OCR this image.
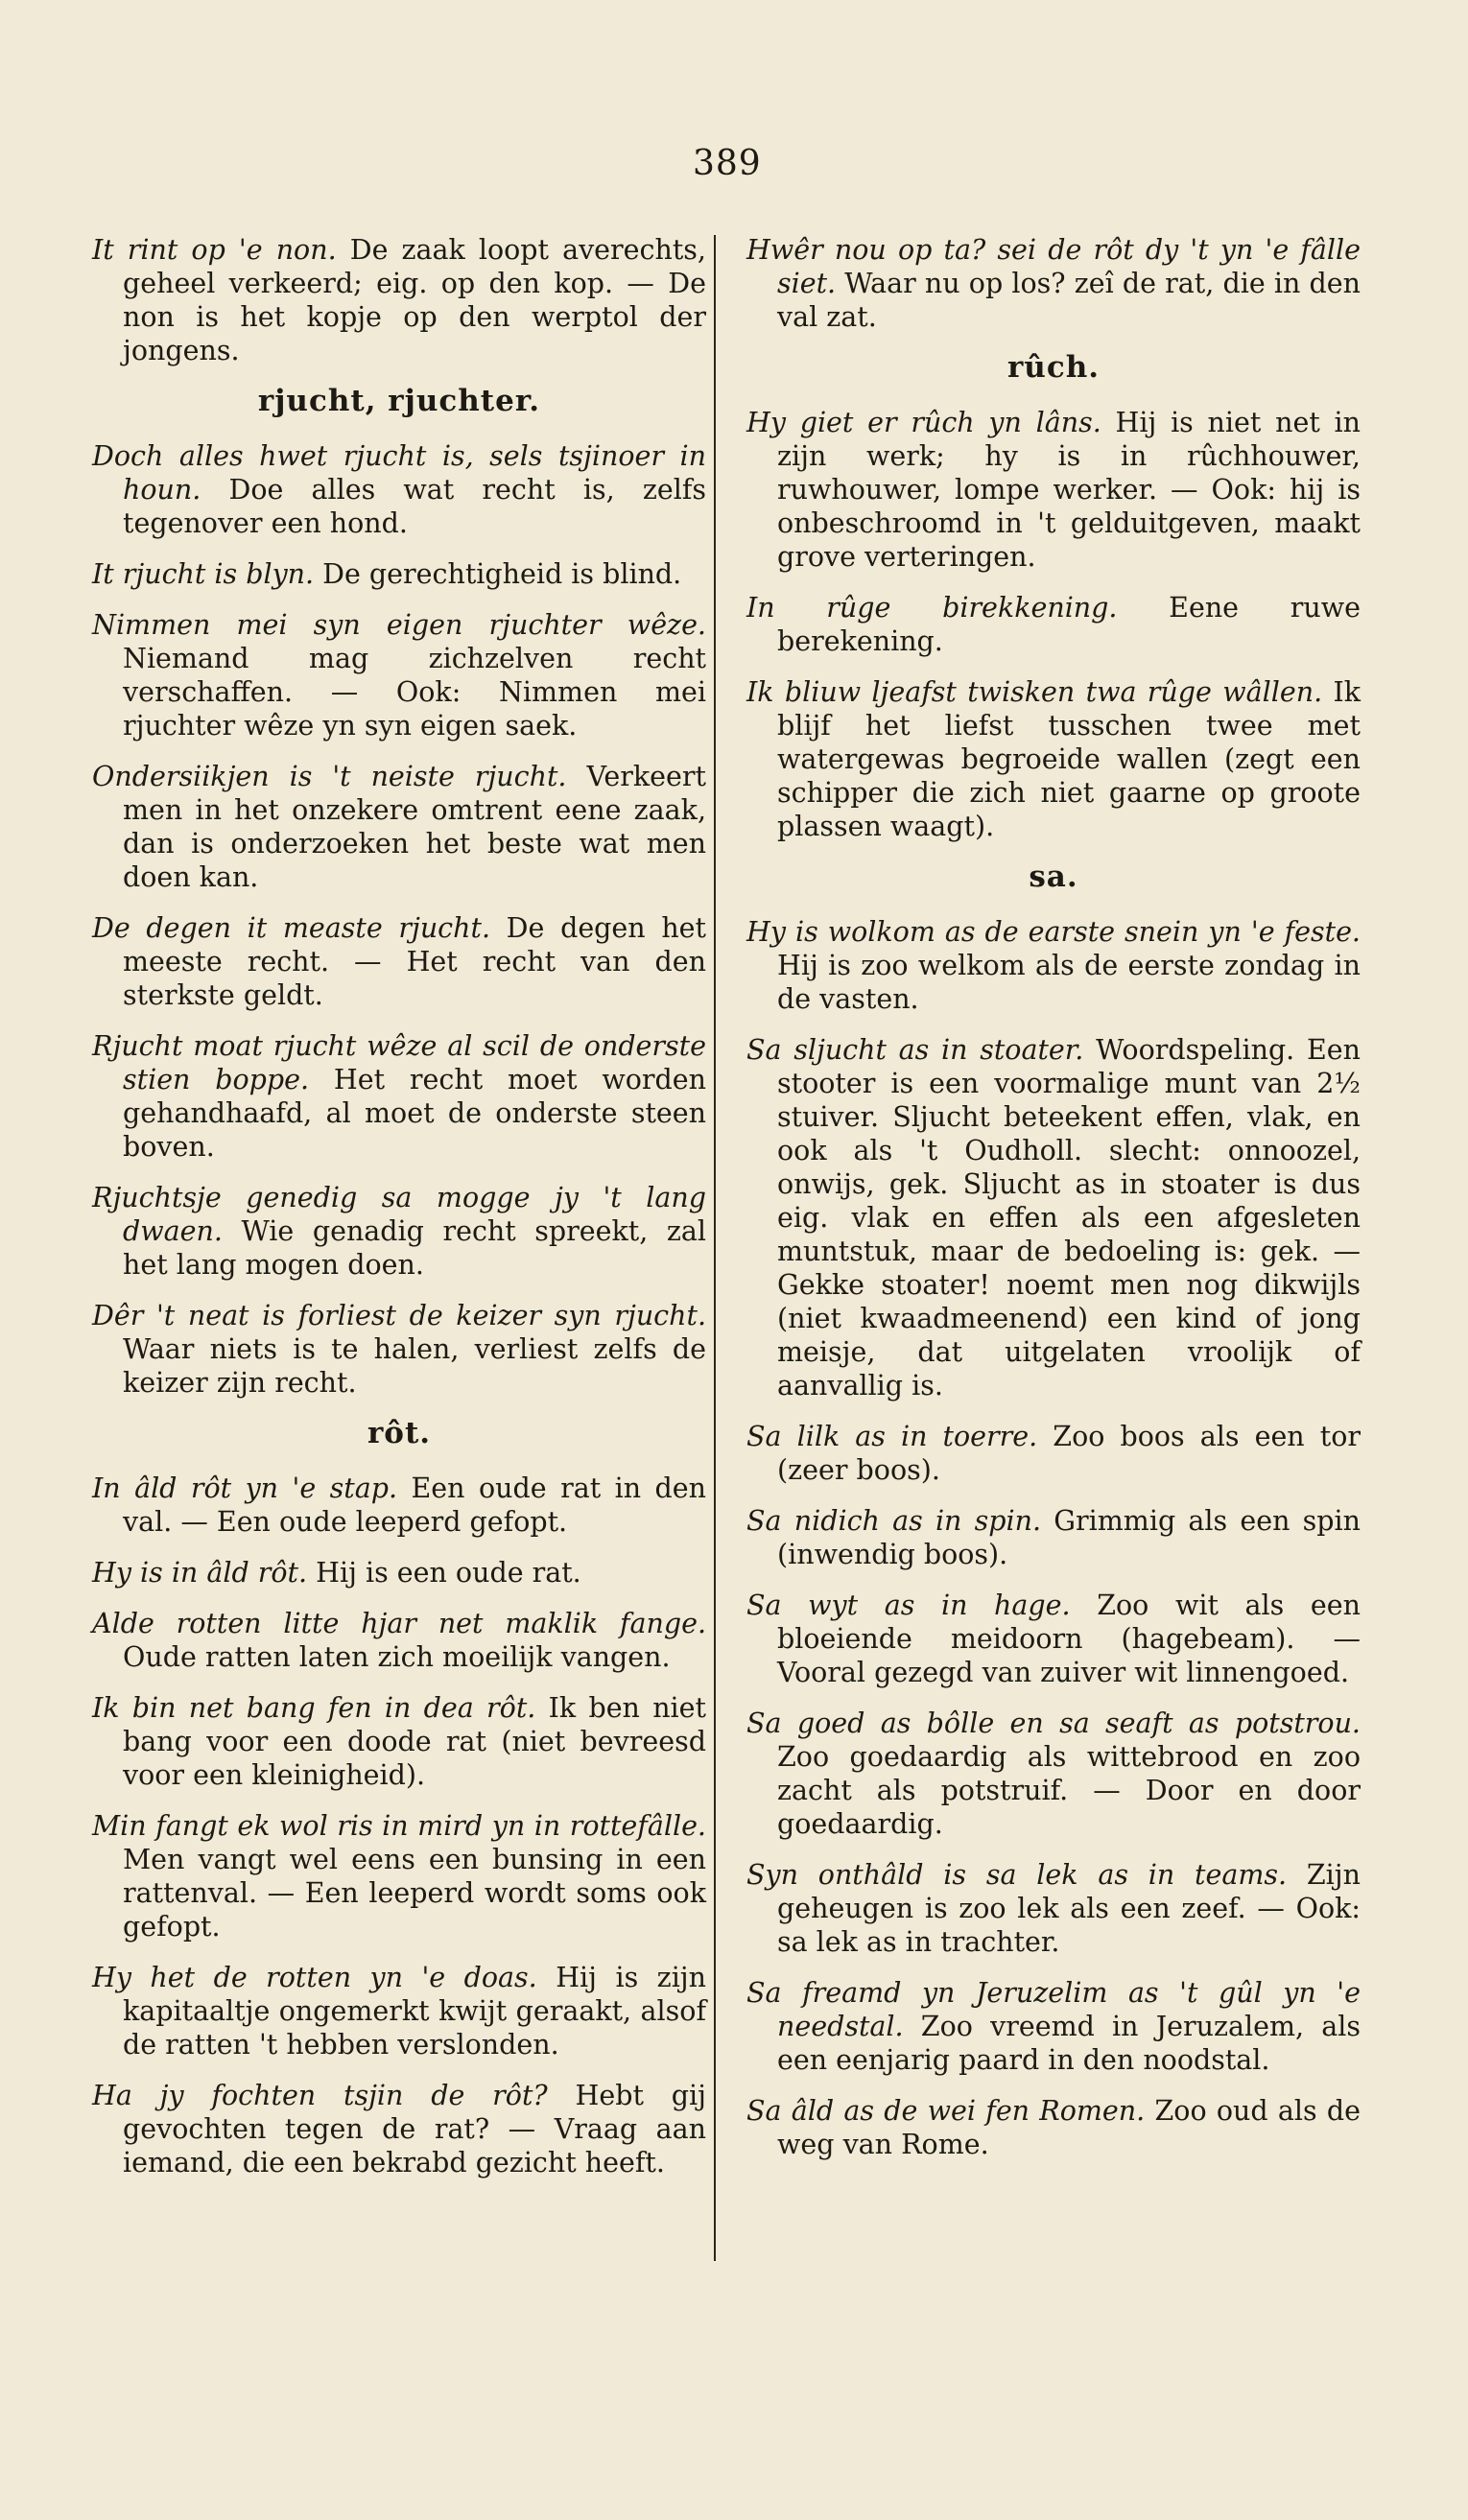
389

It rint op 'e non. De zaak loopt averechts, geheel verkeerd; eig. op den kop. — De non is het kopje op den werptol der jongens.

rjucht, rjuchter.

Doch alles hwet rjucht is, sels tsjinoer in houn. Doe alles wat recht is, zelfs tegenover een hond.

It rjucht is blyn. De gerechtigheid is blind.

Nimmen mei syn eigen rjuchter wêze. Niemand mag zichzelven recht verschaffen. — Ook: Nimmen mei rjuchter wêze yn syn eigen saek.

Ondersiikjen is 't neiste rjucht. Verkeert men in het onzekere omtrent eene zaak, dan is onderzoeken het beste wat men doen kan.

De degen it measte rjucht. De degen het meeste recht. — Het recht van den sterkste geldt.

Rjucht moat rjucht wêze al scil de onderste stien boppe. Het recht moet worden gehandhaafd, al moet de onderste steen boven.

Rjuchtsje genedig sa mogge jy 't lang dwaen. Wie genadig recht spreekt, zal het lang mogen doen.

Dêr 't neat is forliest de keizer syn rjucht. Waar niets is te halen, verliest zelfs de keizer zijn recht.

rôt.

In âld rôt yn 'e stap. Een oude rat in den val. — Een oude leeperd gefopt.

Hy is in âld rôt. Hij is een oude rat.

Alde rotten litte hjar net maklik fange. Oude ratten laten zich moeilijk vangen.

Ik bin net bang fen in dea rôt. Ik ben niet bang voor een doode rat (niet bevreesd voor een kleinigheid).

Min fangt ek wol ris in mird yn in rottefâlle. Men vangt wel eens een bunsing in een rattenval. — Een leeperd wordt soms ook gefopt.

Hy het de rotten yn 'e doas. Hij is zijn kapitaaltje ongemerkt kwijt geraakt, alsof de ratten 't hebben verslonden.

Ha jy fochten tsjin de rôt? Hebt gij gevochten tegen de rat? — Vraag aan iemand, die een bekrabd gezicht heeft.

Hwêr nou op ta? sei de rôt dy 't yn 'e fâlle siet. Waar nu op los? zeî de rat, die in den val zat.

rûch.

Hy giet er rûch yn lâns. Hij is niet net in zijn werk; hy is in rûchhouwer, ruwhouwer, lompe werker. — Ook: hij is onbeschroomd in 't gelduitgeven, maakt grove verteringen.

In rûge birekkening. Eene ruwe berekening.

Ik bliuw ljeafst twisken twa rûge wâllen. Ik blijf het liefst tusschen twee met watergewas begroeide wallen (zegt een schipper die zich niet gaarne op groote plassen waagt).

sa.

Hy is wolkom as de earste snein yn 'e feste. Hij is zoo welkom als de eerste zondag in de vasten.

Sa sljucht as in stoater. Woordspeling. Een stooter is een voormalige munt van 2½ stuiver. Sljucht beteekent effen, vlak, en ook als 't Oudholl. slecht: onnoozel, onwijs, gek. Sljucht as in stoater is dus eig. vlak en effen als een afgesleten muntstuk, maar de bedoeling is: gek. — Gekke stoater! noemt men nog dikwijls (niet kwaadmeenend) een kind of jong meisje, dat uitgelaten vroolijk of aanvallig is.

Sa lilk as in toerre. Zoo boos als een tor (zeer boos).

Sa nidich as in spin. Grimmig als een spin (inwendig boos).

Sa wyt as in hage. Zoo wit als een bloeiende meidoorn (hagebeam). — Vooral gezegd van zuiver wit linnengoed.

Sa goed as bôlle en sa seaft as potstrou. Zoo goedaardig als wittebrood en zoo zacht als potstruif. — Door en door goedaardig.

Syn onthâld is sa lek as in teams. Zijn geheugen is zoo lek als een zeef. — Ook: sa lek as in trachter.

Sa freamd yn Jeruzelim as 't gûl yn 'e needstal. Zoo vreemd in Jeruzalem, als een eenjarig paard in den noodstal.

Sa âld as de wei fen Romen. Zoo oud als de weg van Rome.
